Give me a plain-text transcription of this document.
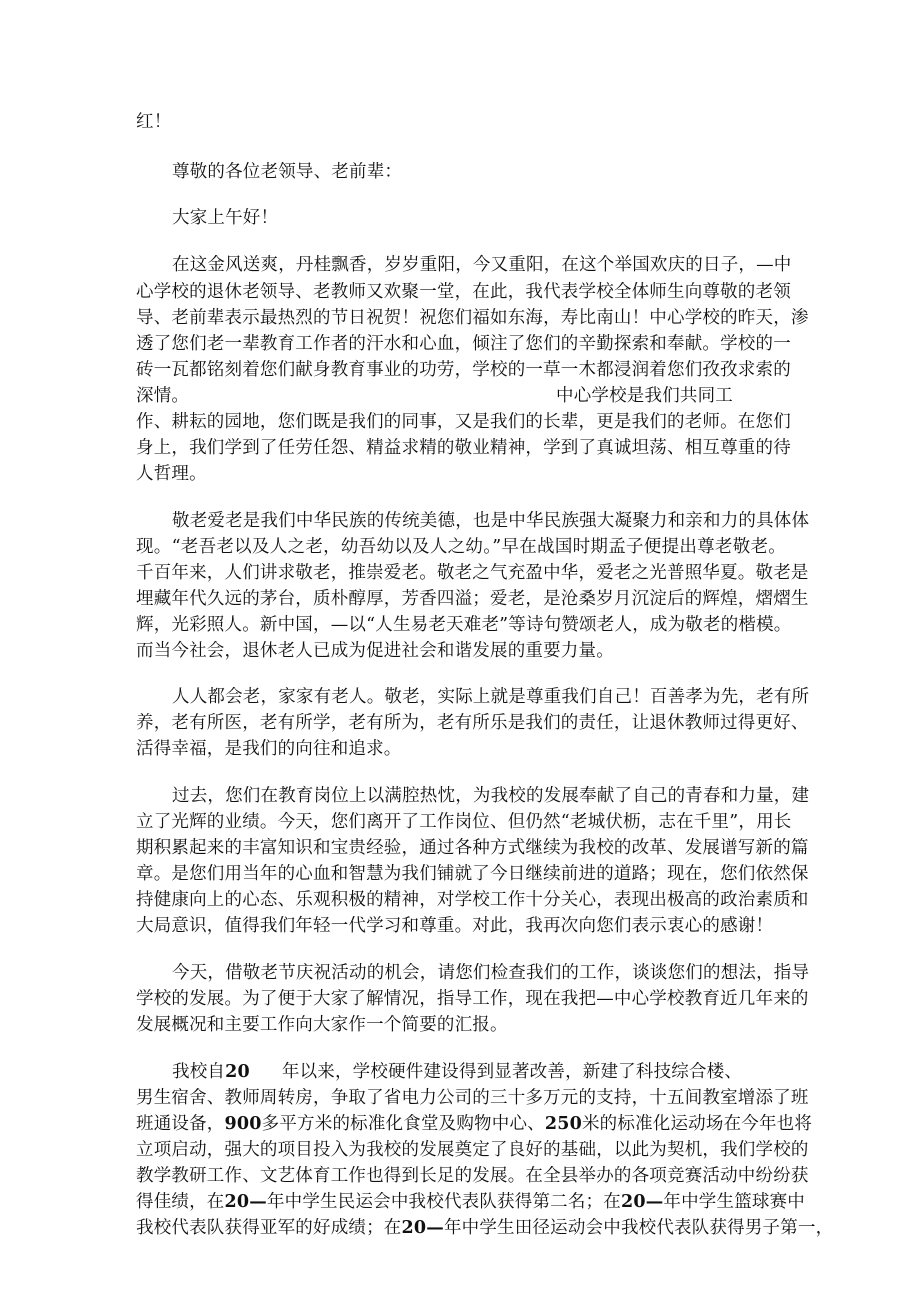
红！
尊敬的各位老领导、老前辈：
大家上午好！
在这金风送爽，丹桂飘香，岁岁重阳，今又重阳，在这个举国欢庆的日子，—中
心学校的退休老领导、老教师又欢聚一堂，在此，我代表学校全体师生向尊敬的老领
导、老前辈表示最热烈的节日祝贺！祝您们福如东海，寿比南山！中心学校的昨天，渗
透了您们老一辈教育工作者的汗水和心血，倾注了您们的辛勤探索和奉献。学校的一
砖一瓦都铭刻着您们献身教育事业的功劳，学校的一草一木都浸润着您们孜孜求索的
深情。	中心学校是我们共同工
作、耕耘的园地，您们既是我们的同事，又是我们的长辈，更是我们的老师。在您们
身上，我们学到了任劳任怨、精益求精的敬业精神，学到了真诚坦荡、相互尊重的待
人哲理。
敬老爱老是我们中华民族的传统美德，也是中华民族强大凝聚力和亲和力的具体体
现。“老吾老以及人之老，幼吾幼以及人之幼。”早在战国时期孟子便提出尊老敬老。
千百年来，人们讲求敬老，推崇爱老。敬老之气充盈中华，爱老之光普照华夏。敬老是
埋藏年代久远的茅台，质朴醇厚，芳香四溢；爱老，是沧桑岁月沉淀后的辉煌，熠熠生
辉，光彩照人。新中国，—以“人生易老天难老”等诗句赞颂老人，成为敬老的楷模。
而当今社会，退休老人已成为促进社会和谐发展的重要力量。
人人都会老，家家有老人。敬老，实际上就是尊重我们自己！百善孝为先，老有所
养，老有所医，老有所学，老有所为，老有所乐是我们的责任，让退休教师过得更好、
活得幸福，是我们的向往和追求。
过去，您们在教育岗位上以满腔热忱，为我校的发展奉献了自己的青春和力量，建
立了光辉的业绩。今天，您们离开了工作岗位、但仍然“老城伏枥，志在千里”，用长
期积累起来的丰富知识和宝贵经验，通过各种方式继续为我校的改革、发展谱写新的篇
章。是您们用当年的心血和智慧为我们铺就了今日继续前进的道路；现在，您们依然保
持健康向上的心态、乐观积极的精神，对学校工作十分关心，表现出极高的政治素质和
大局意识，值得我们年轻一代学习和尊重。对此，我再次向您们表示衷心的感谢！
今天，借敬老节庆祝活动的机会，请您们检查我们的工作，谈谈您们的想法，指导
学校的发展。为了便于大家了解情况，指导工作，现在我把—中心学校教育近几年来的
发展概况和主要工作向大家作一个简要的汇报。
我校自20 年以来，学校硬件建设得到显著改善，新建了科技综合楼、
男生宿舍、教师周转房，争取了省电力公司的三十多万元的支持，十五间教室增添了班
班通设备，900多平方米的标准化食堂及购物中心、250米的标准化运动场在今年也将
立项启动，强大的项目投入为我校的发展奠定了良好的基础，以此为契机，我们学校的
教学教研工作、文艺体育工作也得到长足的发展。在全县举办的各项竞赛活动中纷纷获
得佳绩，在20—年中学生民运会中我校代表队获得第二名；在20—年中学生篮球赛中
我校代表队获得亚军的好成绩；在20—年中学生田径运动会中我校代表队获得男子第一，
